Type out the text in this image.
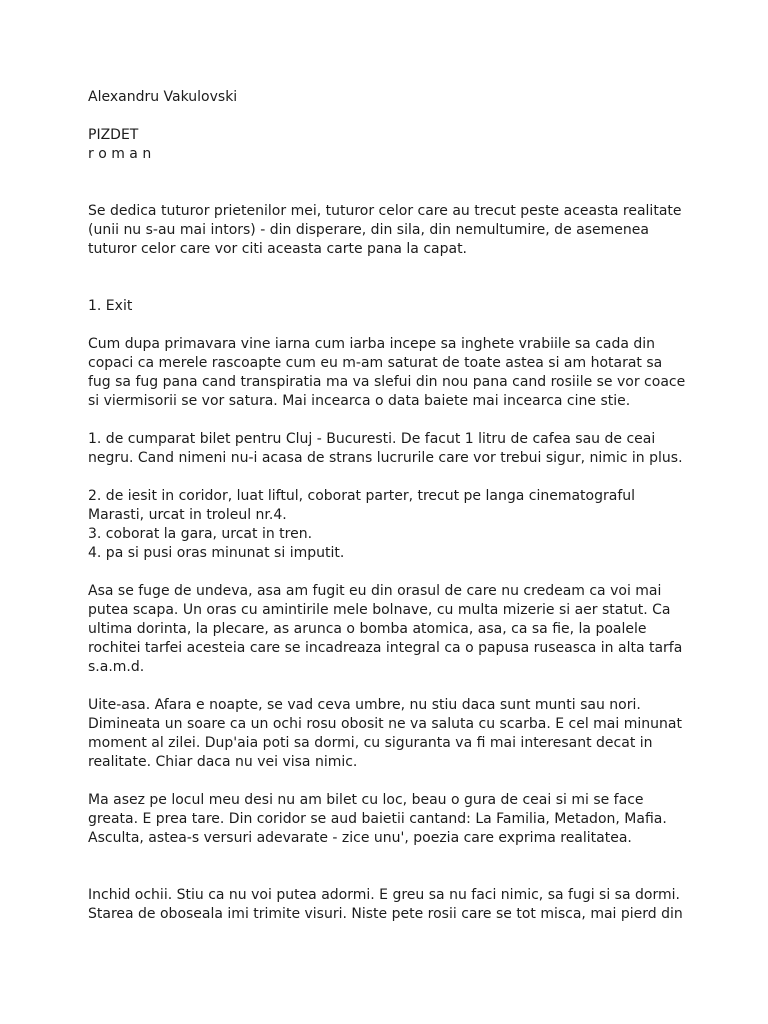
Alexandru Vakulovski

PIZDET

r o m a n

Se dedica tuturor prietenilor mei, tuturor celor care au trecut peste aceasta realitate
(unii nu s-au mai intors) - din disperare, din sila, din nemultumire, de asemenea
tuturor celor care vor citi aceasta carte pana la capat.

1. Exit

Cum dupa primavara vine iarna cum iarba incepe sa inghete vrabiile sa cada din
copaci ca merele rascoapte cum eu m-am saturat de toate astea si am hotarat sa
fug sa fug pana cand transpiratia ma va slefui din nou pana cand rosiile se vor coace
si viermisorii se vor satura. Mai incearca o data baiete mai incearca cine stie.

1. de cumparat bilet pentru Cluj - Bucuresti. De facut 1 litru de cafea sau de ceai
negru. Cand nimeni nu-i acasa de strans lucrurile care vor trebui sigur, nimic in plus.

2. de iesit in coridor, luat liftul, coborat parter, trecut pe langa cinematograful
Marasti, urcat in troleul nr.4.
3. coborat la gara, urcat in tren.
4. pa si pusi oras minunat si imputit.

Asa se fuge de undeva, asa am fugit eu din orasul de care nu credeam ca voi mai
putea scapa. Un oras cu amintirile mele bolnave, cu multa mizerie si aer statut. Ca
ultima dorinta, la plecare, as arunca o bomba atomica, asa, ca sa fie, la poalele
rochitei tarfei acesteia care se incadreaza integral ca o papusa ruseasca in alta tarfa
s.a.m.d.

Uite-asa. Afara e noapte, se vad ceva umbre, nu stiu daca sunt munti sau nori.
Dimineata un soare ca un ochi rosu obosit ne va saluta cu scarba. E cel mai minunat
moment al zilei. Dup'aia poti sa dormi, cu siguranta va fi mai interesant decat in
realitate. Chiar daca nu vei visa nimic.

Ma asez pe locul meu desi nu am bilet cu loc, beau o gura de ceai si mi se face
greata. E prea tare. Din coridor se aud baietii cantand: La Familia, Metadon, Mafia.
Asculta, astea-s versuri adevarate - zice unu', poezia care exprima realitatea.

Inchid ochii. Stiu ca nu voi putea adormi. E greu sa nu faci nimic, sa fugi si sa dormi.
Starea de oboseala imi trimite visuri. Niste pete rosii care se tot misca, mai pierd din
